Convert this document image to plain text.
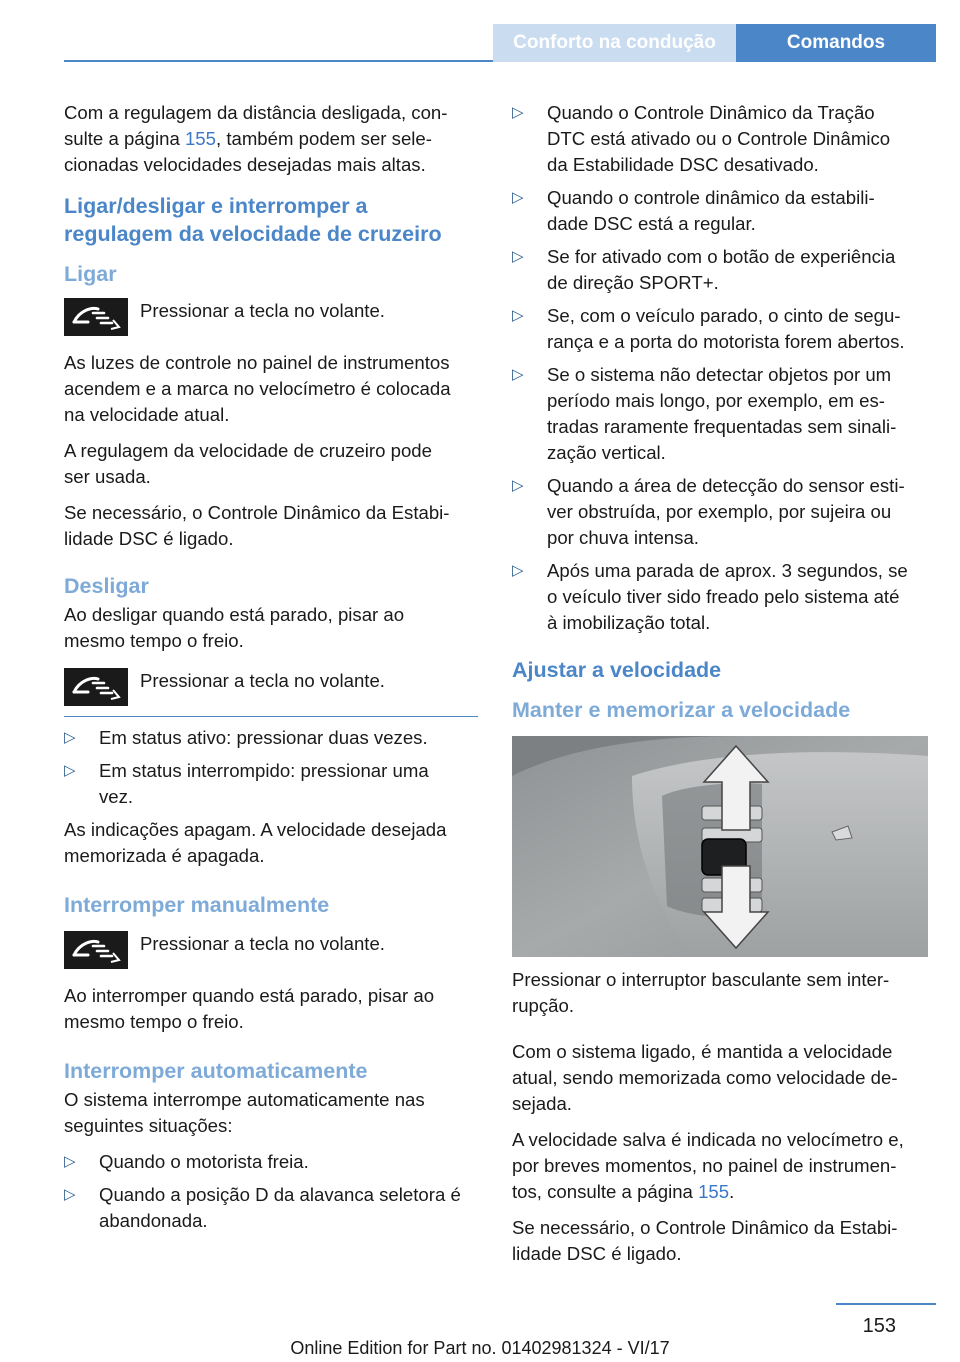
Conforto na condução	Comandos

Com a regulagem da distância desligada, con-
sulte a página 155, também podem ser sele-
cionadas velocidades desejadas mais altas.

Ligar/desligar e interromper a
regulagem da velocidade de cruzeiro
Ligar

Pressionar a tecla no volante.

As luzes de controle no painel de instrumentos
acendem e a marca no velocímetro é colocada
na velocidade atual.

A regulagem da velocidade de cruzeiro pode
ser usada.

Se necessário, o Controle Dinâmico da Estabi-
lidade DSC é ligado.

Desligar

Ao desligar quando está parado, pisar ao
mesmo tempo o freio.

Pressionar a tecla no volante.

▷ Em status ativo: pressionar duas vezes.
▷ Em status interrompido: pressionar uma
vez.

As indicações apagam. A velocidade desejada
memorizada é apagada.

Interromper manualmente

Pressionar a tecla no volante.

Ao interromper quando está parado, pisar ao
mesmo tempo o freio.

Interromper automaticamente

O sistema interrompe automaticamente nas
seguintes situações:

▷ Quando o motorista freia.
▷ Quando a posição D da alavanca seletora é
abandonada.
▷ Quando o Controle Dinâmico da Tração
DTC está ativado ou o Controle Dinâmico
da Estabilidade DSC desativado.
▷ Quando o controle dinâmico da estabili-
dade DSC está a regular.
▷ Se for ativado com o botão de experiência
de direção SPORT+.
▷ Se, com o veículo parado, o cinto de segu-
rança e a porta do motorista forem abertos.
▷ Se o sistema não detectar objetos por um
período mais longo, por exemplo, em es-
tradas raramente frequentadas sem sinali-
zação vertical.
▷ Quando a área de detecção do sensor esti-
ver obstruída, por exemplo, por sujeira ou
por chuva intensa.
▷ Após uma parada de aprox. 3 segundos, se
o veículo tiver sido freado pelo sistema até
à imobilização total.
Ajustar a velocidade
Manter e memorizar a velocidade

Pressionar o interruptor basculante sem inter-
rupção.

Com o sistema ligado, é mantida a velocidade
atual, sendo memorizada como velocidade de-
sejada.

A velocidade salva é indicada no velocímetro e,
por breves momentos, no painel de instrumen-
tos, consulte a página 155.

Se necessário, o Controle Dinâmico da Estabi-
lidade DSC é ligado.

153
Online Edition for Part no. 01402981324 - VI/17
